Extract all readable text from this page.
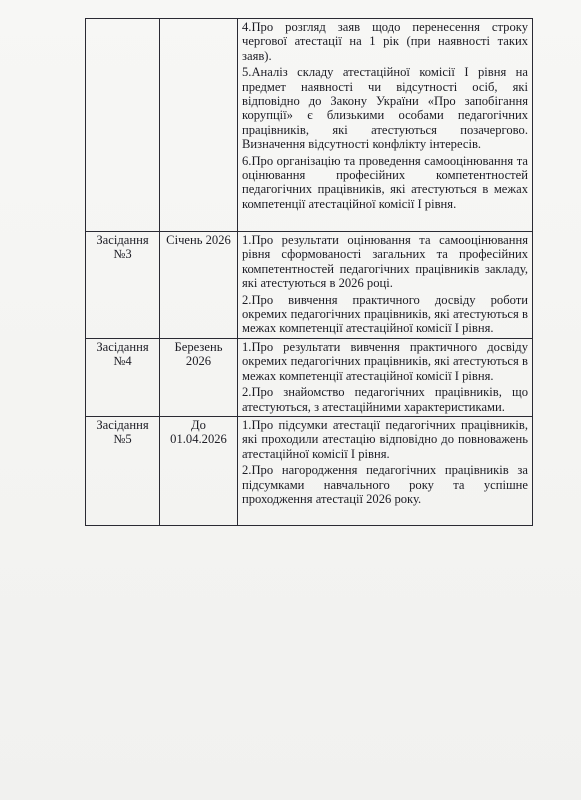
		4.Про розгляд заяв щодо перенесення строку чергової атестації на 1 рік (при наявності таких заяв).

5.Аналіз складу атестаційної комісії I рівня на предмет наявності чи відсутності осіб, які відповідно до Закону України «Про запобігання корупції» є близькими особами педагогічних працівників, які атестуються позачергово. Визначення відсутності конфлікту інтересів.

6.Про організацію та проведення самооцінювання та оцінювання професійних компетентностей педагогічних працівників, які атестуються в межах компетенції атестаційної комісії I рівня.

Засідання №3	Січень 2026	1.Про результати оцінювання та самооцінювання рівня сформованості загальних та професійних компетентностей педагогічних працівників закладу, які атестуються в 2026 році.

2.Про вивчення практичного досвіду роботи окремих педагогічних працівників, які атестуються в межах компетенції атестаційної комісії I рівня.

Засідання №4	Березень 2026	1.Про результати вивчення практичного досвіду окремих педагогічних працівників, які атестуються в межах компетенції атестаційної комісії I рівня.

2.Про знайомство педагогічних працівників, що атестуються, з атестаційними характеристиками.

Засідання №5	До 01.04.2026	1.Про підсумки атестації педагогічних працівників, які проходили атестацію відповідно до повноважень атестаційної комісії I рівня.

2.Про нагородження педагогічних працівників за підсумками навчального року та успішне проходження атестації 2026 року.
